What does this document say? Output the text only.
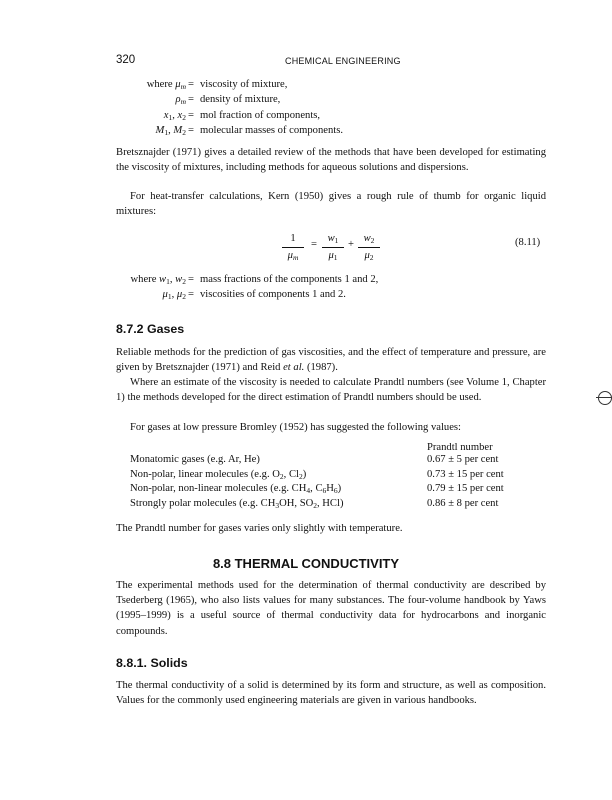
320	CHEMICAL ENGINEERING
where $\mu_m$ = viscosity of mixture,
$\rho_m$ = density of mixture,
$x_1$, $x_2$ = mol fraction of components,
$M_1$, $M_2$ = molecular masses of components.
Bretsznajder (1971) gives a detailed review of the methods that have been developed for estimating the viscosity of mixtures, including methods for aqueous solutions and dispersions.
For heat-transfer calculations, Kern (1950) gives a rough rule of thumb for organic liquid mixtures:
1
$\mu_m$
=
$w_1$
$\mu_1$
+
$w_2$
$\mu_2$
(8.11)
where $w_1$, $w_2$ = mass fractions of the components 1 and 2,
$\mu_1$, $\mu_2$ = viscosities of components 1 and 2.
8.7.2 Gases
Reliable methods for the prediction of gas viscosities, and the effect of temperature and pressure, are given by Bretsznajder (1971) and Reid et al. (1987).
Where an estimate of the viscosity is needed to calculate Prandtl numbers (see Volume 1, Chapter 1) the methods developed for the direct estimation of Prandtl numbers should be used.
For gases at low pressure Bromley (1952) has suggested the following values:
Prandtl number
Monatomic gases (e.g. Ar, He)	0.67 ± 5 per cent
Non-polar, linear molecules (e.g. $O_2$, $Cl_2$)	0.73 ± 15 per cent
Non-polar, non-linear molecules (e.g. $CH_4$, $C_6H_6$)	0.79 ± 15 per cent
Strongly polar molecules (e.g. $CH_3OH$, $SO_2$, HCl)	0.86 ± 8 per cent
The Prandtl number for gases varies only slightly with temperature.
8.8 THERMAL CONDUCTIVITY
The experimental methods used for the determination of thermal conductivity are described by Tsederberg (1965), who also lists values for many substances. The four-volume handbook by Yaws (1995–1999) is a useful source of thermal conductivity data for hydrocarbons and inorganic compounds.
8.8.1. Solids
The thermal conductivity of a solid is determined by its form and structure, as well as composition. Values for the commonly used engineering materials are given in various handbooks.
